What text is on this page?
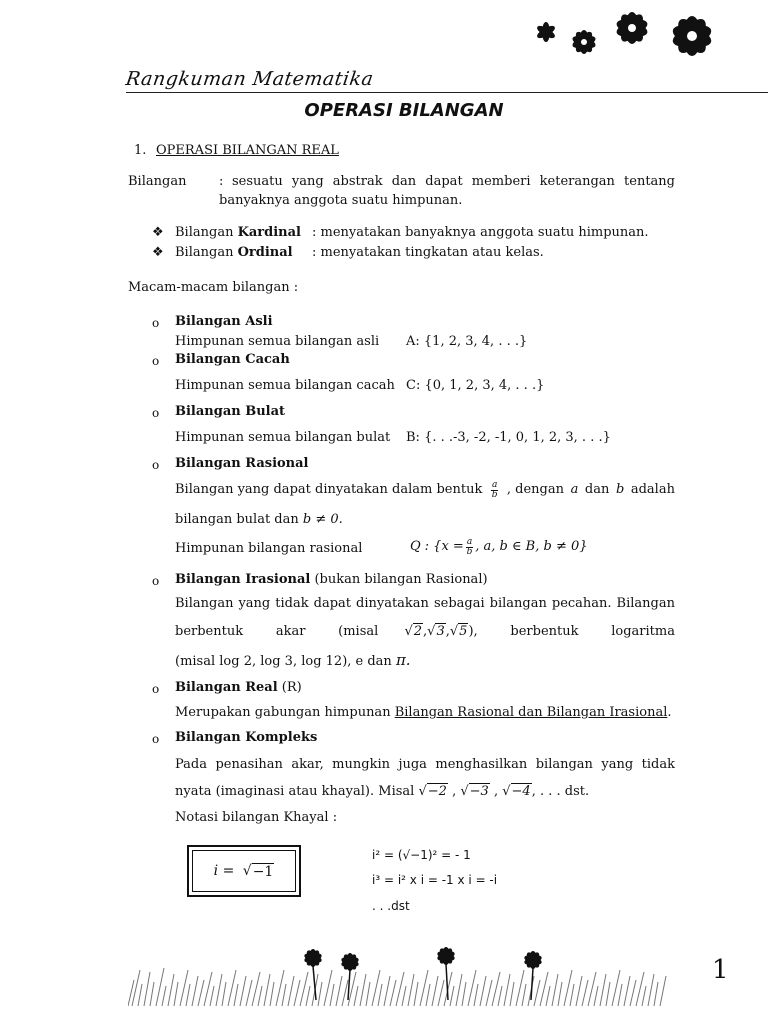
Rangkuman Matematika
OPERASI BILANGAN
1. OPERASI BILANGAN REAL
Bilangan	: sesuatu yang abstrak dan dapat memberi keterangan tentang
banyaknya anggota suatu himpunan.
❖ Bilangan Kardinal : menyatakan banyaknya anggota suatu himpunan.
❖ Bilangan Ordinal : menyatakan tingkatan atau kelas.
Macam-macam bilangan :
o Bilangan Asli
Himpunan semua bilangan asli A: {1, 2, 3, 4, . . .}
o Bilangan Cacah
Himpunan semua bilangan cacah C: {0, 1, 2, 3, 4, . . .}
o Bilangan Bulat
Himpunan semua bilangan bulat B: {. . .-3, -2, -1, 0, 1, 2, 3, . . .}
o Bilangan Rasional
Bilangan yang dapat dinyatakan dalam bentuk $\frac{a}{b}$ , dengan a dan b adalah
bilangan bulat dan b ≠ 0.
Himpunan bilangan rasional	Q : {$x = \frac{a}{b}$ , a, b ∈ B, b ≠ 0}
o Bilangan Irasional (bukan bilangan Rasional)
Bilangan yang tidak dapat dinyatakan sebagai bilangan pecahan. Bilangan
berbentuk	akar	(misal √2,√3,√5),	berbentuk	logaritma
(misal log 2, log 3, log 12), e dan π.
o Bilangan Real (R)
Merupakan gabungan himpunan Bilangan Rasional dan Bilangan Irasional.
o Bilangan Kompleks
Pada penasihan akar, mungkin juga menghasilkan bilangan yang tidak
nyata (imaginasi atau khayal). Misal √−2 , √−3 , √−4, . . . dst.
Notasi bilangan Khayal :
i = √ −1
i² = (√−1)² = - 1
i³ = i² x i = -1 x i = -i
. . .dst
1
